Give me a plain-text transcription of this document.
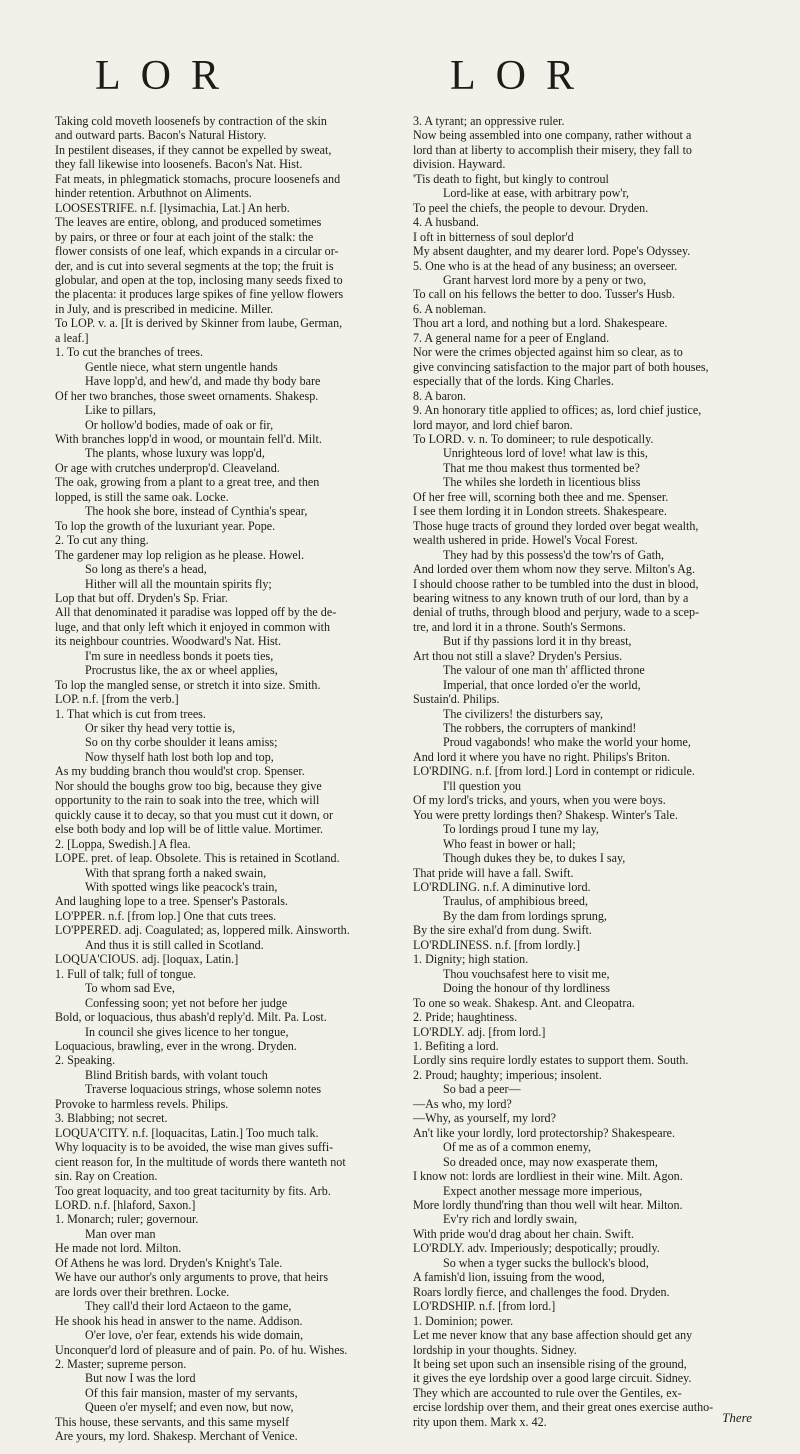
LOR	LOR
Taking cold moveth loosenefs by contraction of the skin
and outward parts. Bacon's Natural History.
In pestilent diseases, if they cannot be expelled by sweat,
they fall likewise into loosenefs. Bacon's Nat. Hist.
Fat meats, in phlegmatick stomachs, procure loosenefs and
hinder retention. Arbuthnot on Aliments.
LOOSESTRIFE. n.f. [lysimachia, Lat.] An herb.
The leaves are entire, oblong, and produced sometimes
by pairs, or three or four at each joint of the stalk: the
flower consists of one leaf, which expands in a circular or-
der, and is cut into several segments at the top; the fruit is
globular, and open at the top, inclosing many seeds fixed to
the placenta: it produces large spikes of fine yellow flowers
in July, and is prescribed in medicine. Miller.
To LOP. v. a. [It is derived by Skinner from laube, German,
a leaf.]
1. To cut the branches of trees.
Gentle niece, what stern ungentle hands
Have lopp'd, and hew'd, and made thy body bare
Of her two branches, those sweet ornaments. Shakesp.
Like to pillars,
Or hollow'd bodies, made of oak or fir,
With branches lopp'd in wood, or mountain fell'd. Milt.
The plants, whose luxury was lopp'd,
Or age with crutches underprop'd. Cleaveland.
The oak, growing from a plant to a great tree, and then
lopped, is still the same oak. Locke.
The hook she bore, instead of Cynthia's spear,
To lop the growth of the luxuriant year. Pope.
2. To cut any thing.
The gardener may lop religion as he please. Howel.
So long as there's a head,
Hither will all the mountain spirits fly;
Lop that but off. Dryden's Sp. Friar.
All that denominated it paradise was lopped off by the de-
luge, and that only left which it enjoyed in common with
its neighbour countries. Woodward's Nat. Hist.
I'm sure in needless bonds it poets ties,
Procrustus like, the ax or wheel applies,
To lop the mangled sense, or stretch it into size. Smith.
LOP. n.f. [from the verb.]
1. That which is cut from trees.
Or siker thy head very tottie is,
So on thy corbe shoulder it leans amiss;
Now thyself hath lost both lop and top,
As my budding branch thou would'st crop. Spenser.
Nor should the boughs grow too big, because they give
opportunity to the rain to soak into the tree, which will
quickly cause it to decay, so that you must cut it down, or
else both body and lop will be of little value. Mortimer.
2. [Loppa, Swedish.] A flea.
LOPE. pret. of leap. Obsolete. This is retained in Scotland.
With that sprang forth a naked swain,
With spotted wings like peacock's train,
And laughing lope to a tree. Spenser's Pastorals.
LO'PPER. n.f. [from lop.] One that cuts trees.
LO'PPERED. adj. Coagulated; as, loppered milk. Ainsworth.
And thus it is still called in Scotland.
LOQUA'CIOUS. adj. [loquax, Latin.]
1. Full of talk; full of tongue.
To whom sad Eve,
Confessing soon; yet not before her judge
Bold, or loquacious, thus abash'd reply'd. Milt. Pa. Lost.
In council she gives licence to her tongue,
Loquacious, brawling, ever in the wrong. Dryden.
2. Speaking.
Blind British bards, with volant touch
Traverse loquacious strings, whose solemn notes
Provoke to harmless revels. Philips.
3. Blabbing; not secret.
LOQUA'CITY. n.f. [loquacitas, Latin.] Too much talk.
Why loquacity is to be avoided, the wise man gives suffi-
cient reason for, In the multitude of words there wanteth not
sin. Ray on Creation.
Too great loquacity, and too great taciturnity by fits. Arb.
LORD. n.f. [hlaford, Saxon.]
1. Monarch; ruler; governour.
Man over man
He made not lord. Milton.
Of Athens he was lord. Dryden's Knight's Tale.
We have our author's only arguments to prove, that heirs
are lords over their brethren. Locke.
They call'd their lord Actaeon to the game,
He shook his head in answer to the name. Addison.
O'er love, o'er fear, extends his wide domain,
Unconquer'd lord of pleasure and of pain. Po. of hu. Wishes.
2. Master; supreme person.
But now I was the lord
Of this fair mansion, master of my servants,
Queen o'er myself; and even now, but now,
This house, these servants, and this same myself
Are yours, my lord. Shakesp. Merchant of Venice.
3. A tyrant; an oppressive ruler.
Now being assembled into one company, rather without a
lord than at liberty to accomplish their misery, they fall to
division. Hayward.
'Tis death to fight, but kingly to controul
Lord-like at ease, with arbitrary pow'r,
To peel the chiefs, the people to devour. Dryden.
4. A husband.
I oft in bitterness of soul deplor'd
My absent daughter, and my dearer lord. Pope's Odyssey.
5. One who is at the head of any business; an overseer.
Grant harvest lord more by a peny or two,
To call on his fellows the better to doo. Tusser's Husb.
6. A nobleman.
Thou art a lord, and nothing but a lord. Shakespeare.
7. A general name for a peer of England.
Nor were the crimes objected against him so clear, as to
give convincing satisfaction to the major part of both houses,
especially that of the lords. King Charles.
8. A baron.
9. An honorary title applied to offices; as, lord chief justice,
lord mayor, and lord chief baron.
To LORD. v. n. To domineer; to rule despotically.
Unrighteous lord of love! what law is this,
That me thou makest thus tormented be?
The whiles she lordeth in licentious bliss
Of her free will, scorning both thee and me. Spenser.
I see them lording it in London streets. Shakespeare.
Those huge tracts of ground they lorded over begat wealth,
wealth ushered in pride. Howel's Vocal Forest.
They had by this possess'd the tow'rs of Gath,
And lorded over them whom now they serve. Milton's Ag.
I should choose rather to be tumbled into the dust in blood,
bearing witness to any known truth of our lord, than by a
denial of truths, through blood and perjury, wade to a scep-
tre, and lord it in a throne. South's Sermons.
But if thy passions lord it in thy breast,
Art thou not still a slave? Dryden's Persius.
The valour of one man th' afflicted throne
Imperial, that once lorded o'er the world,
Sustain'd. Philips.
The civilizers! the disturbers say,
The robbers, the corrupters of mankind!
Proud vagabonds! who make the world your home,
And lord it where you have no right. Philips's Briton.
LO'RDING. n.f. [from lord.] Lord in contempt or ridicule.
I'll question you
Of my lord's tricks, and yours, when you were boys.
You were pretty lordings then? Shakesp. Winter's Tale.
To lordings proud I tune my lay,
Who feast in bower or hall;
Though dukes they be, to dukes I say,
That pride will have a fall. Swift.
LO'RDLING. n.f. A diminutive lord.
Traulus, of amphibious breed,
By the dam from lordings sprung,
By the sire exhal'd from dung. Swift.
LO'RDLINESS. n.f. [from lordly.]
1. Dignity; high station.
Thou vouchsafest here to visit me,
Doing the honour of thy lordliness
To one so weak. Shakesp. Ant. and Cleopatra.
2. Pride; haughtiness.
LO'RDLY. adj. [from lord.]
1. Befiting a lord.
Lordly sins require lordly estates to support them. South.
2. Proud; haughty; imperious; insolent.
So bad a peer—
—As who, my lord?
—Why, as yourself, my lord?
An't like your lordly, lord protectorship? Shakespeare.
Of me as of a common enemy,
So dreaded once, may now exasperate them,
I know not: lords are lordliest in their wine. Milt. Agon.
Expect another message more imperious,
More lordly thund'ring than thou well wilt hear. Milton.
Ev'ry rich and lordly swain,
With pride wou'd drag about her chain. Swift.
LO'RDLY. adv. Imperiously; despotically; proudly.
So when a tyger sucks the bullock's blood,
A famish'd lion, issuing from the wood,
Roars lordly fierce, and challenges the food. Dryden.
LO'RDSHIP. n.f. [from lord.]
1. Dominion; power.
Let me never know that any base affection should get any
lordship in your thoughts. Sidney.
It being set upon such an insensible rising of the ground,
it gives the eye lordship over a good large circuit. Sidney.
They which are accounted to rule over the Gentiles, ex-
ercise lordship over them, and their great ones exercise autho-
rity upon them. Mark x. 42.	There
